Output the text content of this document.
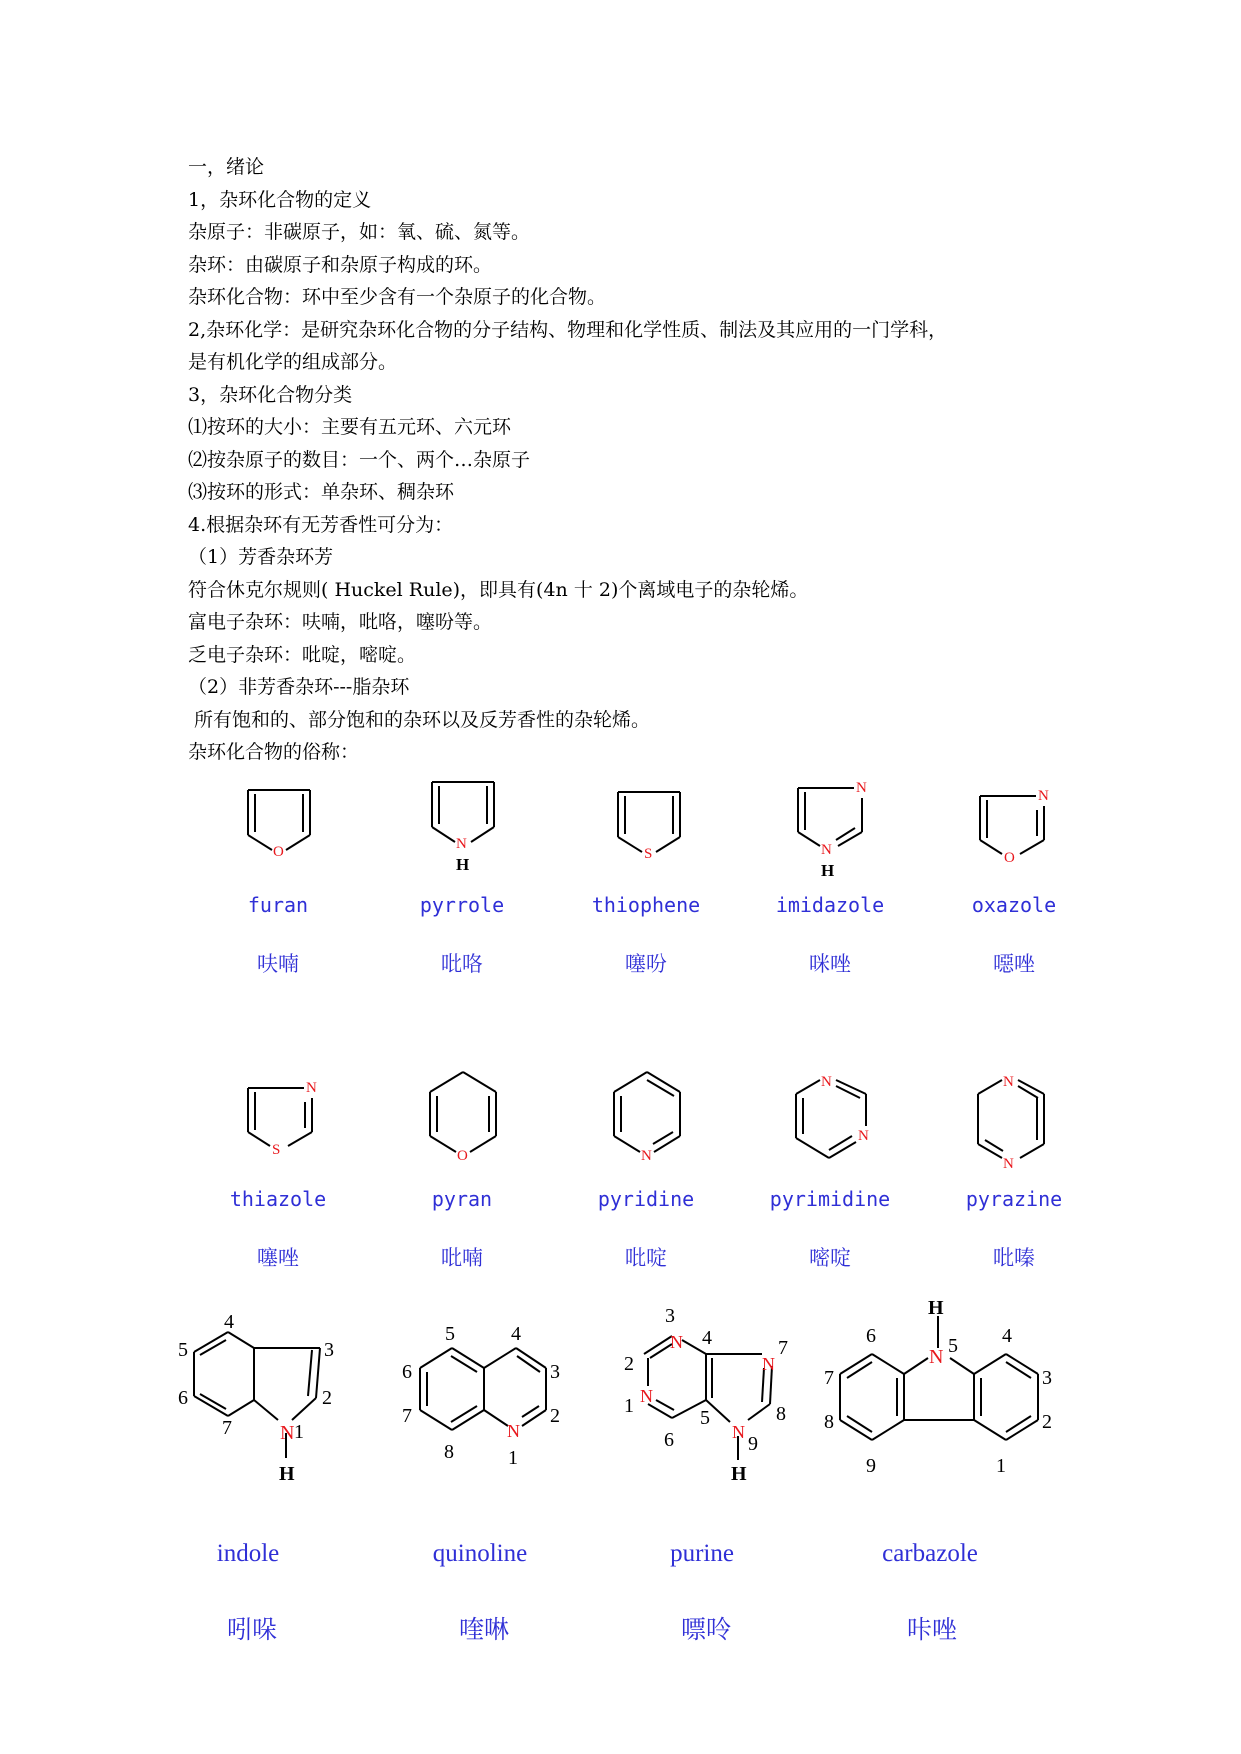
一，绪论
1，杂环化合物的定义
杂原子：非碳原子，如：氧、硫、氮等。
杂环：由碳原子和杂原子构成的环。
杂环化合物：环中至少含有一个杂原子的化合物。
2,杂环化学：是研究杂环化合物的分子结构、物理和化学性质、制法及其应用的一门学科，
是有机化学的组成部分。
3，杂环化合物分类
⑴按环的大小：主要有五元环、六元环
⑵按杂原子的数目：一个、两个…杂原子
⑶按环的形式：单杂环、稠杂环
4.根据杂环有无芳香性可分为：
（1）芳香杂环芳
符合休克尔规则( Huckel Rule)，即具有(4n 十 2)个离域电子的杂轮烯。
富电子杂环：呋喃，吡咯，噻吩等。
乏电子杂环：吡啶，嘧啶。
（2）非芳香杂环---脂杂环
所有饱和的、部分饱和的杂环以及反芳香性的杂轮烯。
杂环化合物的俗称：
O	N
H
S
N
N
H
N
O
furan	pyrrole	thiophene	imidazole	oxazole
呋喃	吡咯	噻吩	咪唑	噁唑
N
S	O	N
N
N
N
N
thiazole	pyran	pyridine	pyrimidine	pyrazine
噻唑	吡喃	吡啶	嘧啶	吡嗪
N
H
4
5
6
7
3
2
1	N
5	4
6	3
7	2
8	1
N
N
N
N
H
3
4	7
2
8
1
5
6	9
H
N
6	5 4
7	3
8	2
9	1
indole	quinoline	purine	carbazole
吲哚	喹啉	嘌呤	咔唑
